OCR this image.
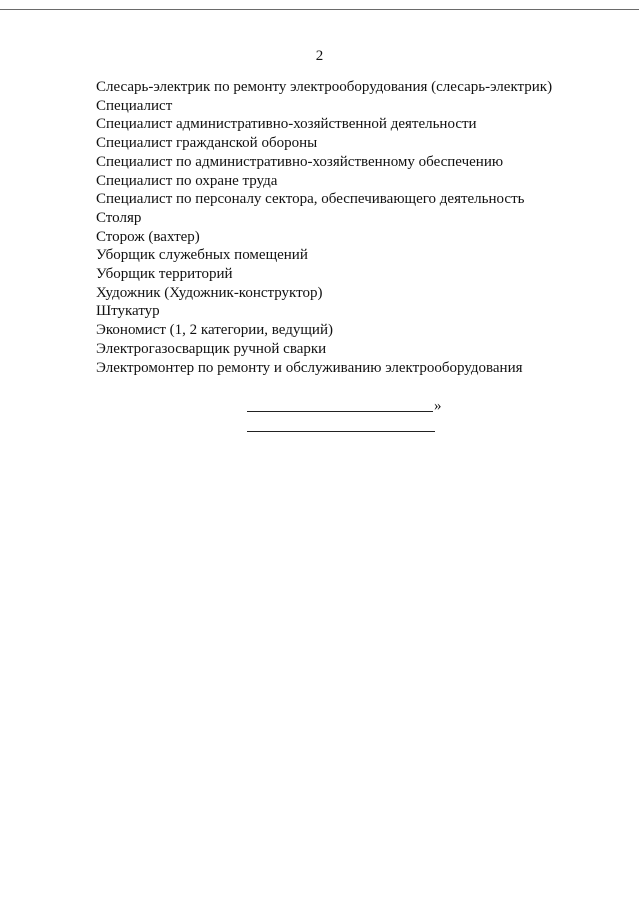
2
Слесарь-электрик по ремонту электрооборудования (слесарь-электрик)
Специалист
Специалист административно-хозяйственной деятельности
Специалист гражданской обороны
Специалист по административно-хозяйственному обеспечению
Специалист по охране труда
Специалист по персоналу сектора, обеспечивающего деятельность
Столяр
Сторож (вахтер)
Уборщик служебных помещений
Уборщик территорий
Художник (Художник-конструктор)
Штукатур
Экономист (1, 2 категории, ведущий)
Электрогазосварщик ручной сварки
Электромонтер по ремонту и обслуживанию электрооборудования
»
